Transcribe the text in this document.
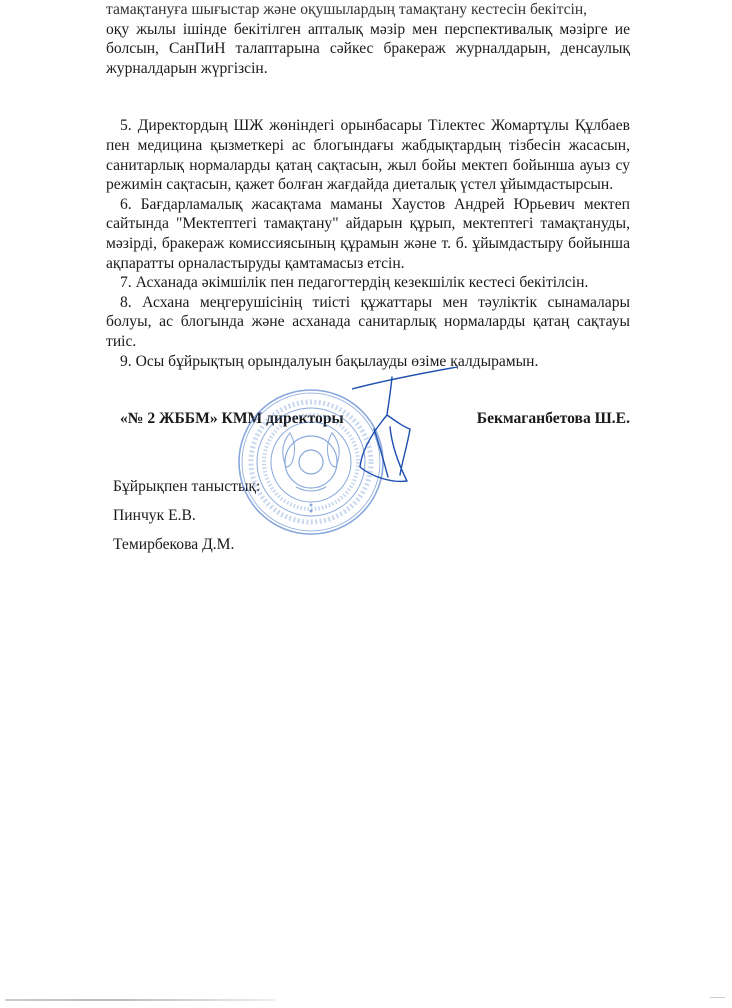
тамақтануға шығыстар және оқушылардың тамақтану кестесін бекітсін,

оқу жылы ішінде бекітілген апталық мәзір мен перспективалық мәзірге ие болсын, СанПиН талаптарына сәйкес бракераж журналдарын, денсаулық журналдарын жүргізсін.

5. Директордың ШЖ жөніндегі орынбасары Тілектес Жомартұлы Құлбаев пен медицина қызметкері ас блогындағы жабдықтардың тізбесін жасасын, санитарлық нормаларды қатаң сақтасын, жыл бойы мектеп бойынша ауыз су режимін сақтасын, қажет болған жағдайда диеталық үстел ұйымдастырсын.

6. Бағдарламалық жасақтама маманы Хаустов Андрей Юрьевич мектеп сайтында "Мектептегі тамақтану" айдарын құрып, мектептегі тамақтануды, мәзірді, бракераж комиссиясының құрамын және т. б. ұйымдастыру бойынша ақпаратты орналастыруды қамтамасыз етсін.

7. Асханада әкімшілік пен педагогтердің кезекшілік кестесі бекітілсін.

8. Асхана меңгерушісінің тиісті құжаттары мен тәуліктік сынамалары болуы, ас блогында және асханада санитарлық нормаларды қатаң сақтауы тиіс.

9. Осы бұйрықтың орындалуын бақылауды өзіме қалдырамын.

«№ 2 ЖББМ» КММ директоры	Бекмаганбетова Ш.Е.

Бұйрықпен таныстық:

Пинчук Е.В.

Темирбекова Д.М.
